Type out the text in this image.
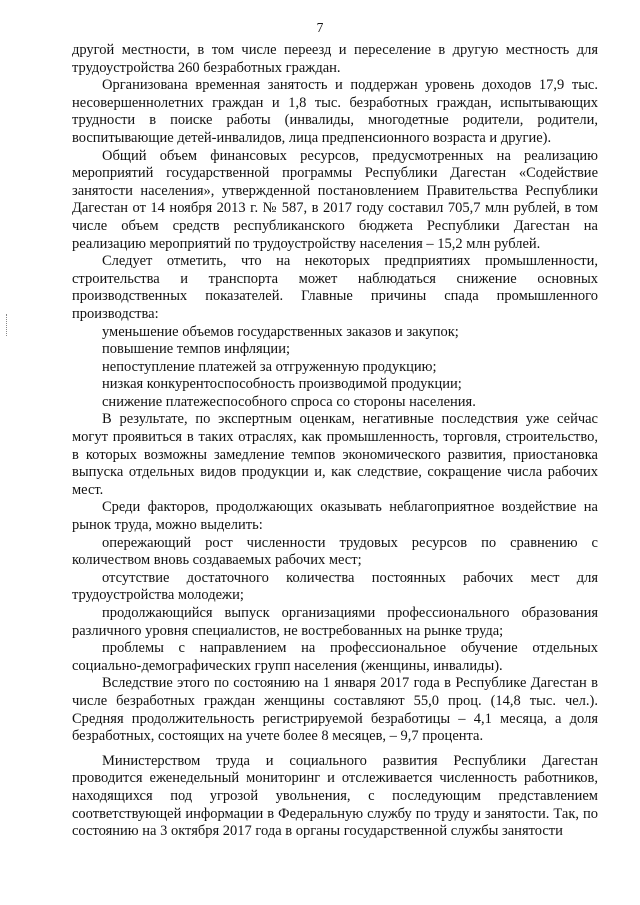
7

другой местности, в том числе переезд и переселение в другую местность для трудоустройства 260 безработных граждан.

Организована временная занятость и поддержан уровень доходов 17,9 тыс. несовершеннолетних граждан и 1,8 тыс. безработных граждан, испытывающих трудности в поиске работы (инвалиды, многодетные родители, родители, воспитывающие детей-инвалидов, лица предпенсионного возраста и другие).

Общий объем финансовых ресурсов, предусмотренных на реализацию мероприятий государственной программы Республики Дагестан «Содействие занятости населения», утвержденной постановлением Правительства Республики Дагестан от 14 ноября 2013 г. № 587, в 2017 году составил 705,7 млн рублей, в том числе объем средств республиканского бюджета Республики Дагестан на реализацию мероприятий по трудоустройству населения – 15,2 млн рублей.

Следует отметить, что на некоторых предприятиях промышленности, строительства и транспорта может наблюдаться снижение основных производственных показателей. Главные причины спада промышленного производства:

уменьшение объемов государственных заказов и закупок;

повышение темпов инфляции;

непоступление платежей за отгруженную продукцию;

низкая конкурентоспособность производимой продукции;

снижение платежеспособного спроса со стороны населения.

В результате, по экспертным оценкам, негативные последствия уже сейчас могут проявиться в таких отраслях, как промышленность, торговля, строительство, в которых возможны замедление темпов экономического развития, приостановка выпуска отдельных видов продукции и, как следствие, сокращение числа рабочих мест.

Среди факторов, продолжающих оказывать неблагоприятное воздействие на рынок труда, можно выделить:

опережающий рост численности трудовых ресурсов по сравнению с количеством вновь создаваемых рабочих мест;

отсутствие достаточного количества постоянных рабочих мест для трудоустройства молодежи;

продолжающийся выпуск организациями профессионального образования различного уровня специалистов, не востребованных на рынке труда;

проблемы с направлением на профессиональное обучение отдельных социально-демографических групп населения (женщины, инвалиды).

Вследствие этого по состоянию на 1 января 2017 года в Республике Дагестан в числе безработных граждан женщины составляют 55,0 проц. (14,8 тыс. чел.). Средняя продолжительность регистрируемой безработицы – 4,1 месяца, а доля безработных, состоящих на учете более 8 месяцев, – 9,7 процента.

Министерством труда и социального развития Республики Дагестан проводится еженедельный мониторинг и отслеживается численность работников, находящихся под угрозой увольнения, с последующим представлением соответствующей информации в Федеральную службу по труду и занятости. Так, по состоянию на 3 октября 2017 года в органы государственной службы занятости
